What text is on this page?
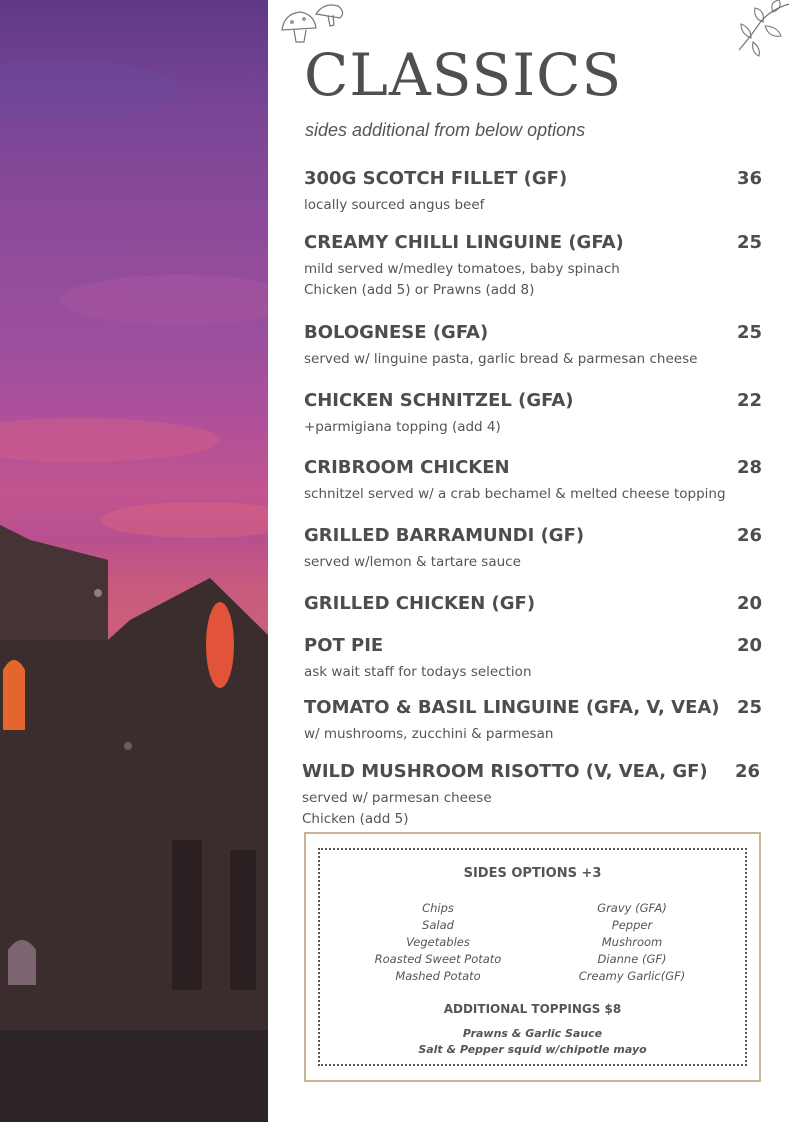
CLASSICS
sides additional from below options
300G SCOTCH FILLET (GF)	36
locally sourced angus beef
CREAMY CHILLI LINGUINE (GFA)	25
mild served w/medley tomatoes, baby spinach
Chicken (add 5) or Prawns (add 8)
BOLOGNESE (GFA)	25
served w/ linguine pasta, garlic bread & parmesan cheese
CHICKEN SCHNITZEL (GFA)	22
+parmigiana topping (add 4)
CRIBROOM CHICKEN	28
schnitzel served w/ a crab bechamel & melted cheese topping
GRILLED BARRAMUNDI (GF)	26
served w/lemon & tartare sauce
GRILLED CHICKEN (GF)	20
POT PIE	20
ask wait staff for todays selection
TOMATO & BASIL LINGUINE (GFA, V, VEA) 25
w/ mushrooms, zucchini & parmesan
WILD MUSHROOM RISOTTO (V, VEA, GF) 26
served w/ parmesan cheese
Chicken (add 5)
SIDES OPTIONS +3
Chips
Salad
Vegetables
Roasted Sweet Potato
Mashed Potato
Gravy (GFA)
Pepper
Mushroom
Dianne (GF)
Creamy Garlic(GF)
ADDITIONAL TOPPINGS $8
Prawns & Garlic Sauce
Salt & Pepper squid w/chipotle mayo
